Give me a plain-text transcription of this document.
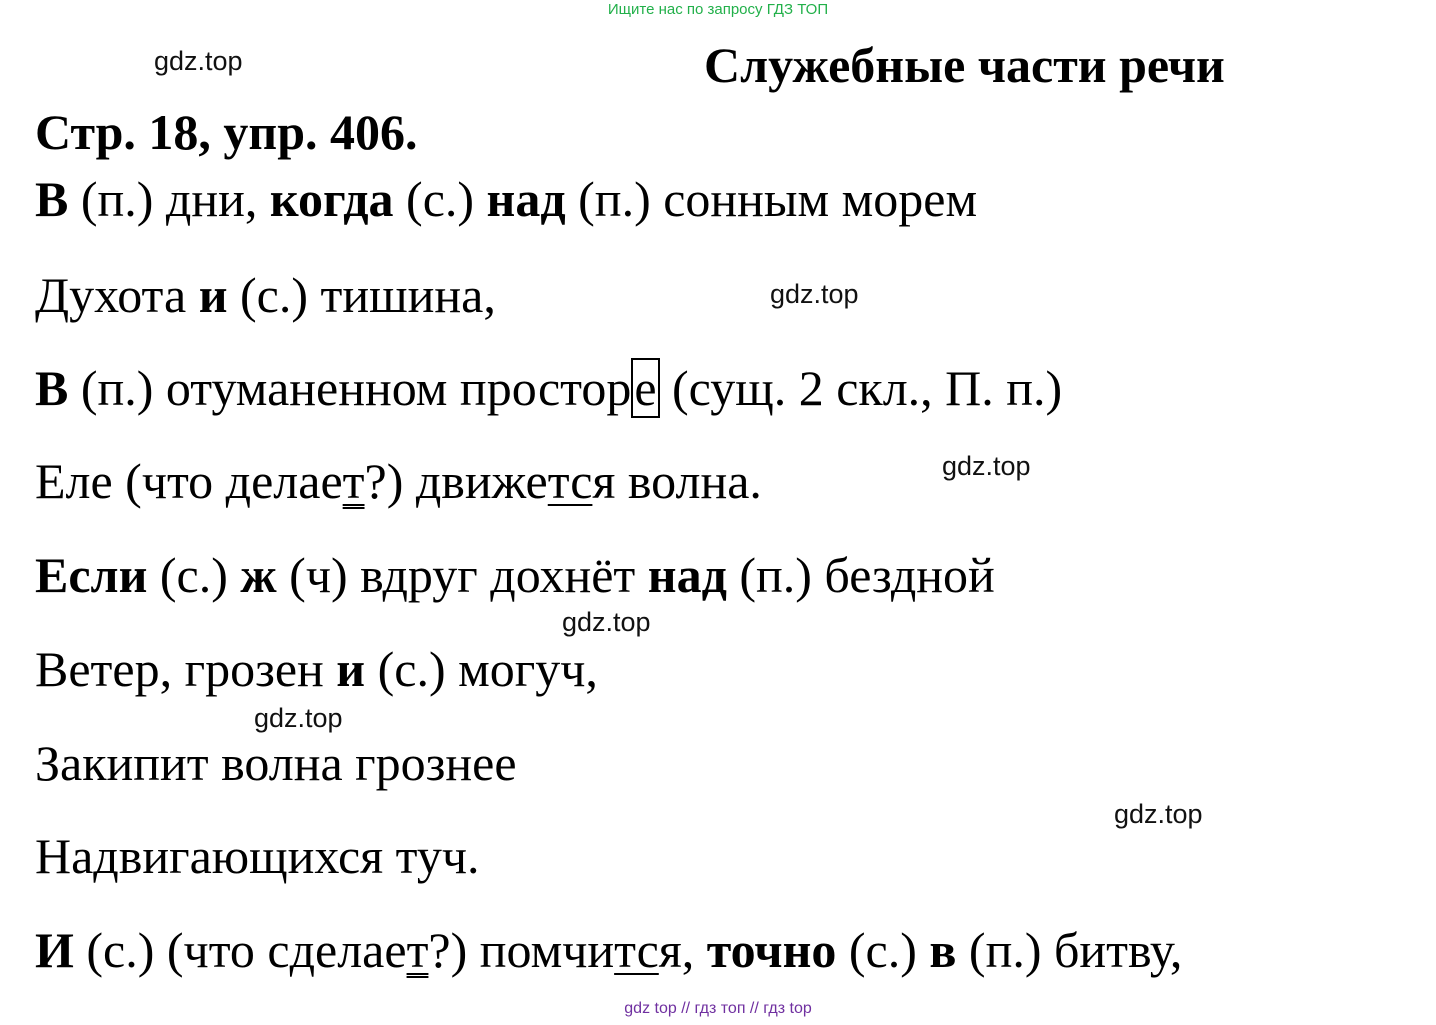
Ищите нас по запросу ГДЗ ТОП
gdz.top
gdz.top
gdz.top
gdz.top
gdz.top
gdz.top
Служебные части речи
Стр. 18, упр. 406.
В (п.) дни, когда (с.) над (п.) сонным морем
Духота и (с.) тишина,
В (п.) отуманенном просторе (сущ. 2 скл., П. п.)
Еле (что делает?) движется волна.
Если (с.) ж (ч) вдруг дохнёт над (п.) бездной
Ветер, грозен и (с.) могуч,
Закипит волна грознее
Надвигающихся туч.
И (с.) (что сделает?) помчится, точно (с.) в (п.) битву,
gdz top // гдз топ // гдз top
